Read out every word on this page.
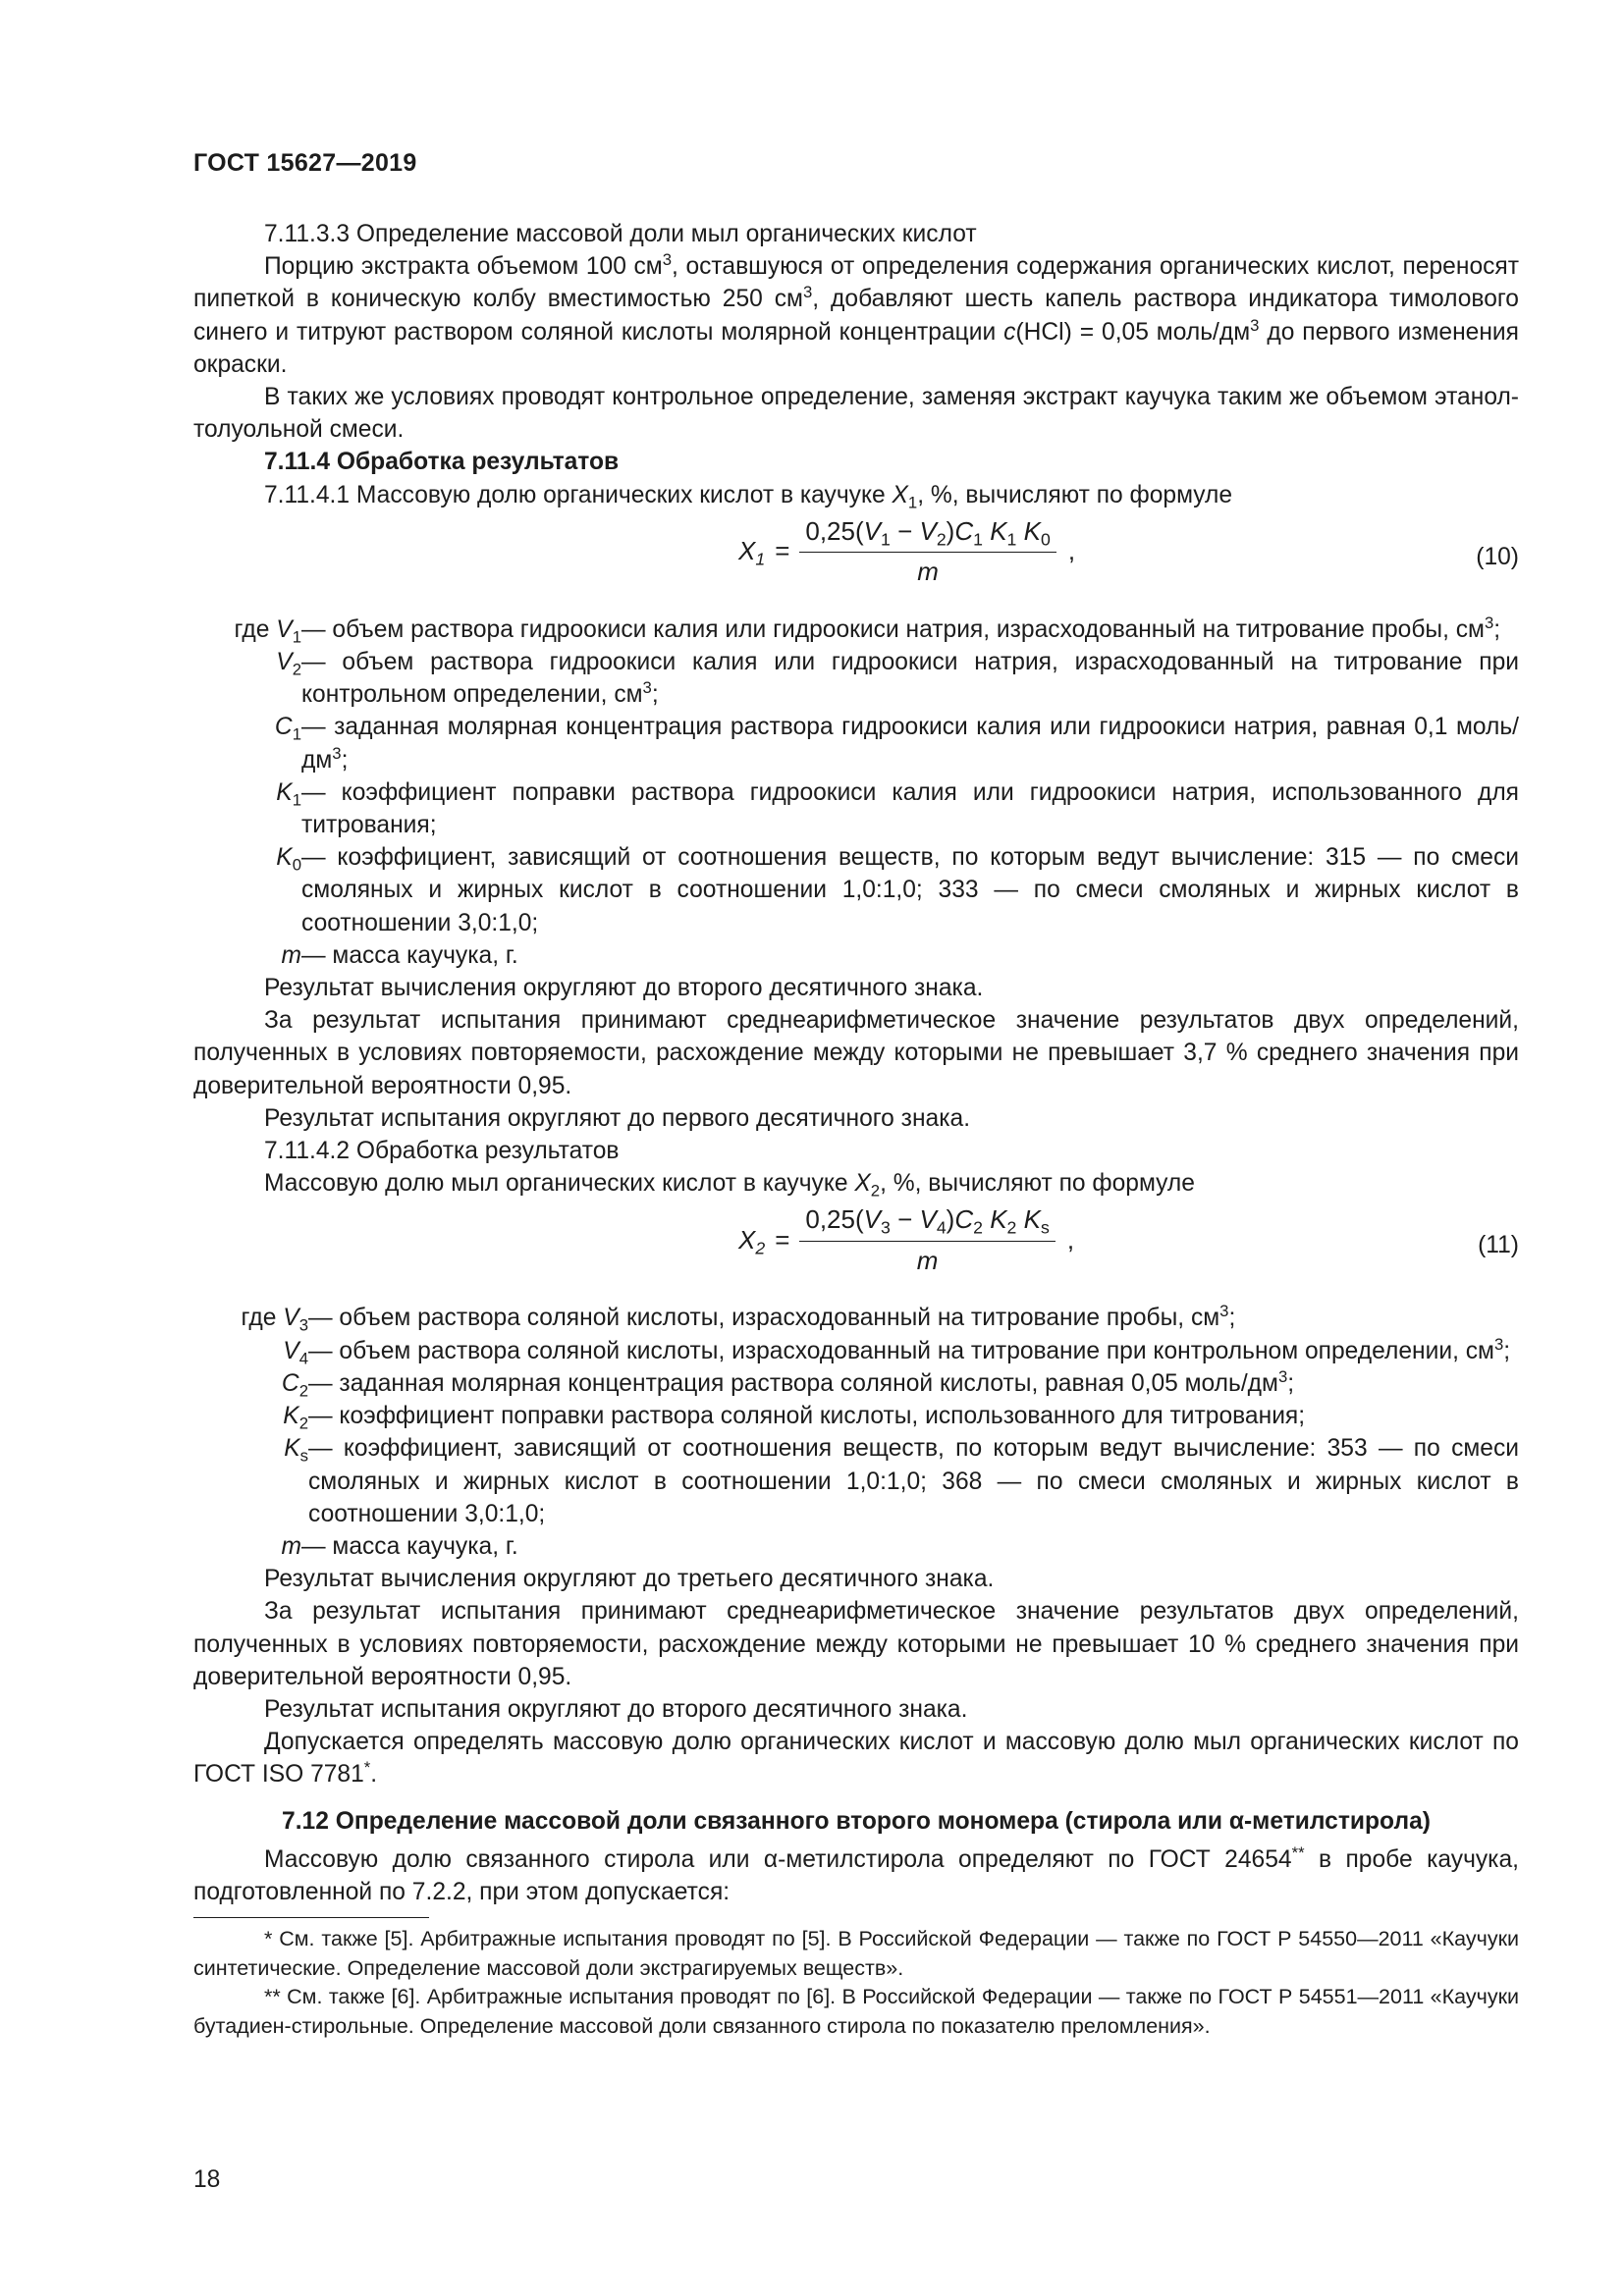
ГОСТ 15627—2019

7.11.3.3 Определение массовой доли мыл органических кислот

Порцию экстракта объемом 100 $см^3$, оставшуюся от определения содержания органических кислот, переносят пипеткой в коническую колбу вместимостью 250 $см^3$, добавляют шесть капель раствора индикатора тимолового синего и титруют раствором соляной кислоты молярной концентрации c(HCl) = 0,05 моль/$дм^3$ до первого изменения окраски.

В таких же условиях проводят контрольное определение, заменяя экстракт каучука таким же объемом этанол-толуольной смеси.

7.11.4 Обработка результатов

7.11.4.1 Массовую долю органических кислот в каучуке $X_1$, %, вычисляют по формуле

$X_1 = \frac{0,25(V_1 - V_2)C_1 K_1 K_0}{m}$ ,	(10)
где $V_1$ — объем раствора гидроокиси калия или гидроокиси натрия, израсходованный на титрование пробы, $см^3$;
$V_2$ — объем раствора гидроокиси калия или гидроокиси натрия, израсходованный на титрование при контрольном определении, $см^3$;
$C_1$ — заданная молярная концентрация раствора гидроокиси калия или гидроокиси натрия, равная 0,1 моль/ $дм^3$;
$K_1$ — коэффициент поправки раствора гидроокиси калия или гидроокиси натрия, использованного для титрования;
$K_0$ — коэффициент, зависящий от соотношения веществ, по которым ведут вычисление: 315 — по смеси смоляных и жирных кислот в соотношении 1,0:1,0; 333 — по смеси смоляных и жирных кислот в соотношении 3,0:1,0;
m — масса каучука, г.

Результат вычисления округляют до второго десятичного знака.

За результат испытания принимают среднеарифметическое значение результатов двух определений, полученных в условиях повторяемости, расхождение между которыми не превышает 3,7 % среднего значения при доверительной вероятности 0,95.

Результат испытания округляют до первого десятичного знака.

7.11.4.2 Обработка результатов

Массовую долю мыл органических кислот в каучуке $X_2$, %, вычисляют по формуле

$X_2 = \frac{0,25(V_3 - V_4)C_2 K_2 K_s}{m}$ ,	(11)
где $V_3$ — объем раствора соляной кислоты, израсходованный на титрование пробы, $см^3$;
$V_4$ — объем раствора соляной кислоты, израсходованный на титрование при контрольном определении, $см^3$;
$C_2$ — заданная молярная концентрация раствора соляной кислоты, равная 0,05 моль/$дм^3$;
$K_2$ — коэффициент поправки раствора соляной кислоты, использованного для титрования;
$K_s$ — коэффициент, зависящий от соотношения веществ, по которым ведут вычисление: 353 — по смеси смоляных и жирных кислот в соотношении 1,0:1,0; 368 — по смеси смоляных и жирных кислот в соотношении 3,0:1,0;
m — масса каучука, г.

Результат вычисления округляют до третьего десятичного знака.

За результат испытания принимают среднеарифметическое значение результатов двух определений, полученных в условиях повторяемости, расхождение между которыми не превышает 10 % среднего значения при доверительной вероятности 0,95.

Результат испытания округляют до второго десятичного знака.

Допускается определять массовую долю органических кислот и массовую долю мыл органических кислот по ГОСТ ISO 7781*.

7.12 Определение массовой доли связанного второго мономера (стирола или α-метилстирола)

Массовую долю связанного стирола или α-метилстирола определяют по ГОСТ 24654** в пробе каучука, подготовленной по 7.2.2, при этом допускается:

* См. также [5]. Арбитражные испытания проводят по [5]. В Российской Федерации — также по ГОСТ Р 54550—2011 «Каучуки синтетические. Определение массовой доли экстрагируемых веществ».

** См. также [6]. Арбитражные испытания проводят по [6]. В Российской Федерации — также по ГОСТ Р 54551—2011 «Каучуки бутадиен-стирольные. Определение массовой доли связанного стирола по показателю преломления».

18
